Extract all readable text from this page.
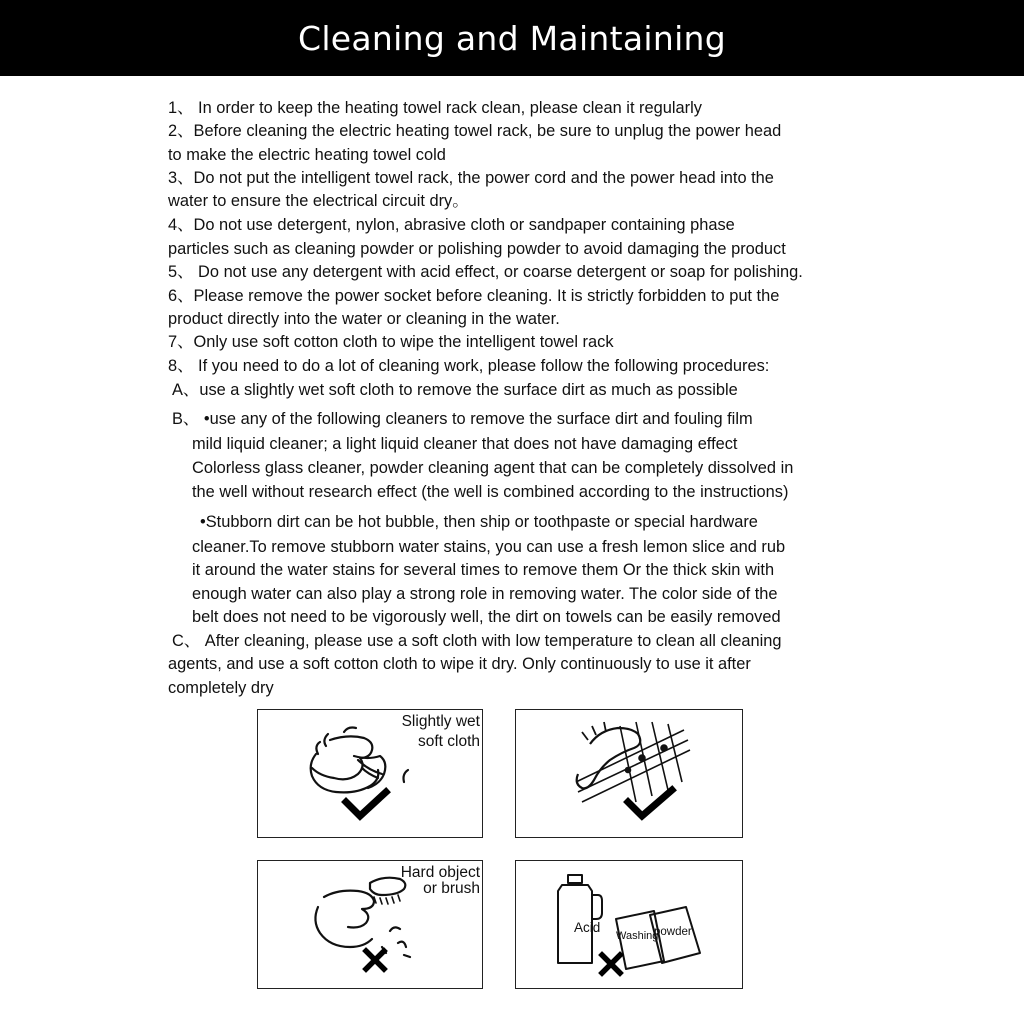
Cleaning and Maintaining
1、 In order to keep the heating towel rack clean, please clean it regularly
2、Before cleaning the electric heating towel rack, be sure to unplug the power head
to make the electric heating towel cold
3、Do not put the intelligent towel rack, the power cord and the power head into the
water to ensure the electrical circuit dry。
4、Do not use detergent, nylon, abrasive cloth or sandpaper containing phase
particles such as cleaning powder or polishing powder to avoid damaging the product
5、 Do not use any detergent with acid effect, or coarse detergent or soap for polishing.
6、Please remove the power socket before cleaning. It is strictly forbidden to put the
product directly into the water or cleaning in the water.
7、Only use soft cotton cloth to wipe the intelligent towel rack
8、 If you need to do a lot of cleaning work, please follow the following procedures:
A、use a slightly wet soft cloth to remove the surface dirt as much as possible
B、 •use any of the following cleaners to remove the surface dirt and fouling film
mild liquid cleaner; a light liquid cleaner that does not have damaging effect
Colorless glass cleaner, powder cleaning agent that can be completely dissolved in
the well without research effect (the well is combined according to the instructions)
•Stubborn dirt can be hot bubble, then ship or toothpaste or special hardware
cleaner.To remove stubborn water stains, you can use a fresh lemon slice and rub
it around the water stains for several times to remove them Or the thick skin with
enough water can also play a strong role in removing water. The color side of the
belt does not need to be vigorously well, the dirt on towels can be easily removed
C、 After cleaning, please use a soft cloth with low temperature to clean all cleaning
agents, and use a soft cotton cloth to wipe it dry. Only continuously to use it after
completely dry
Slightly wet
soft cloth
Hard object
or brush
Acid
Washing
powder
